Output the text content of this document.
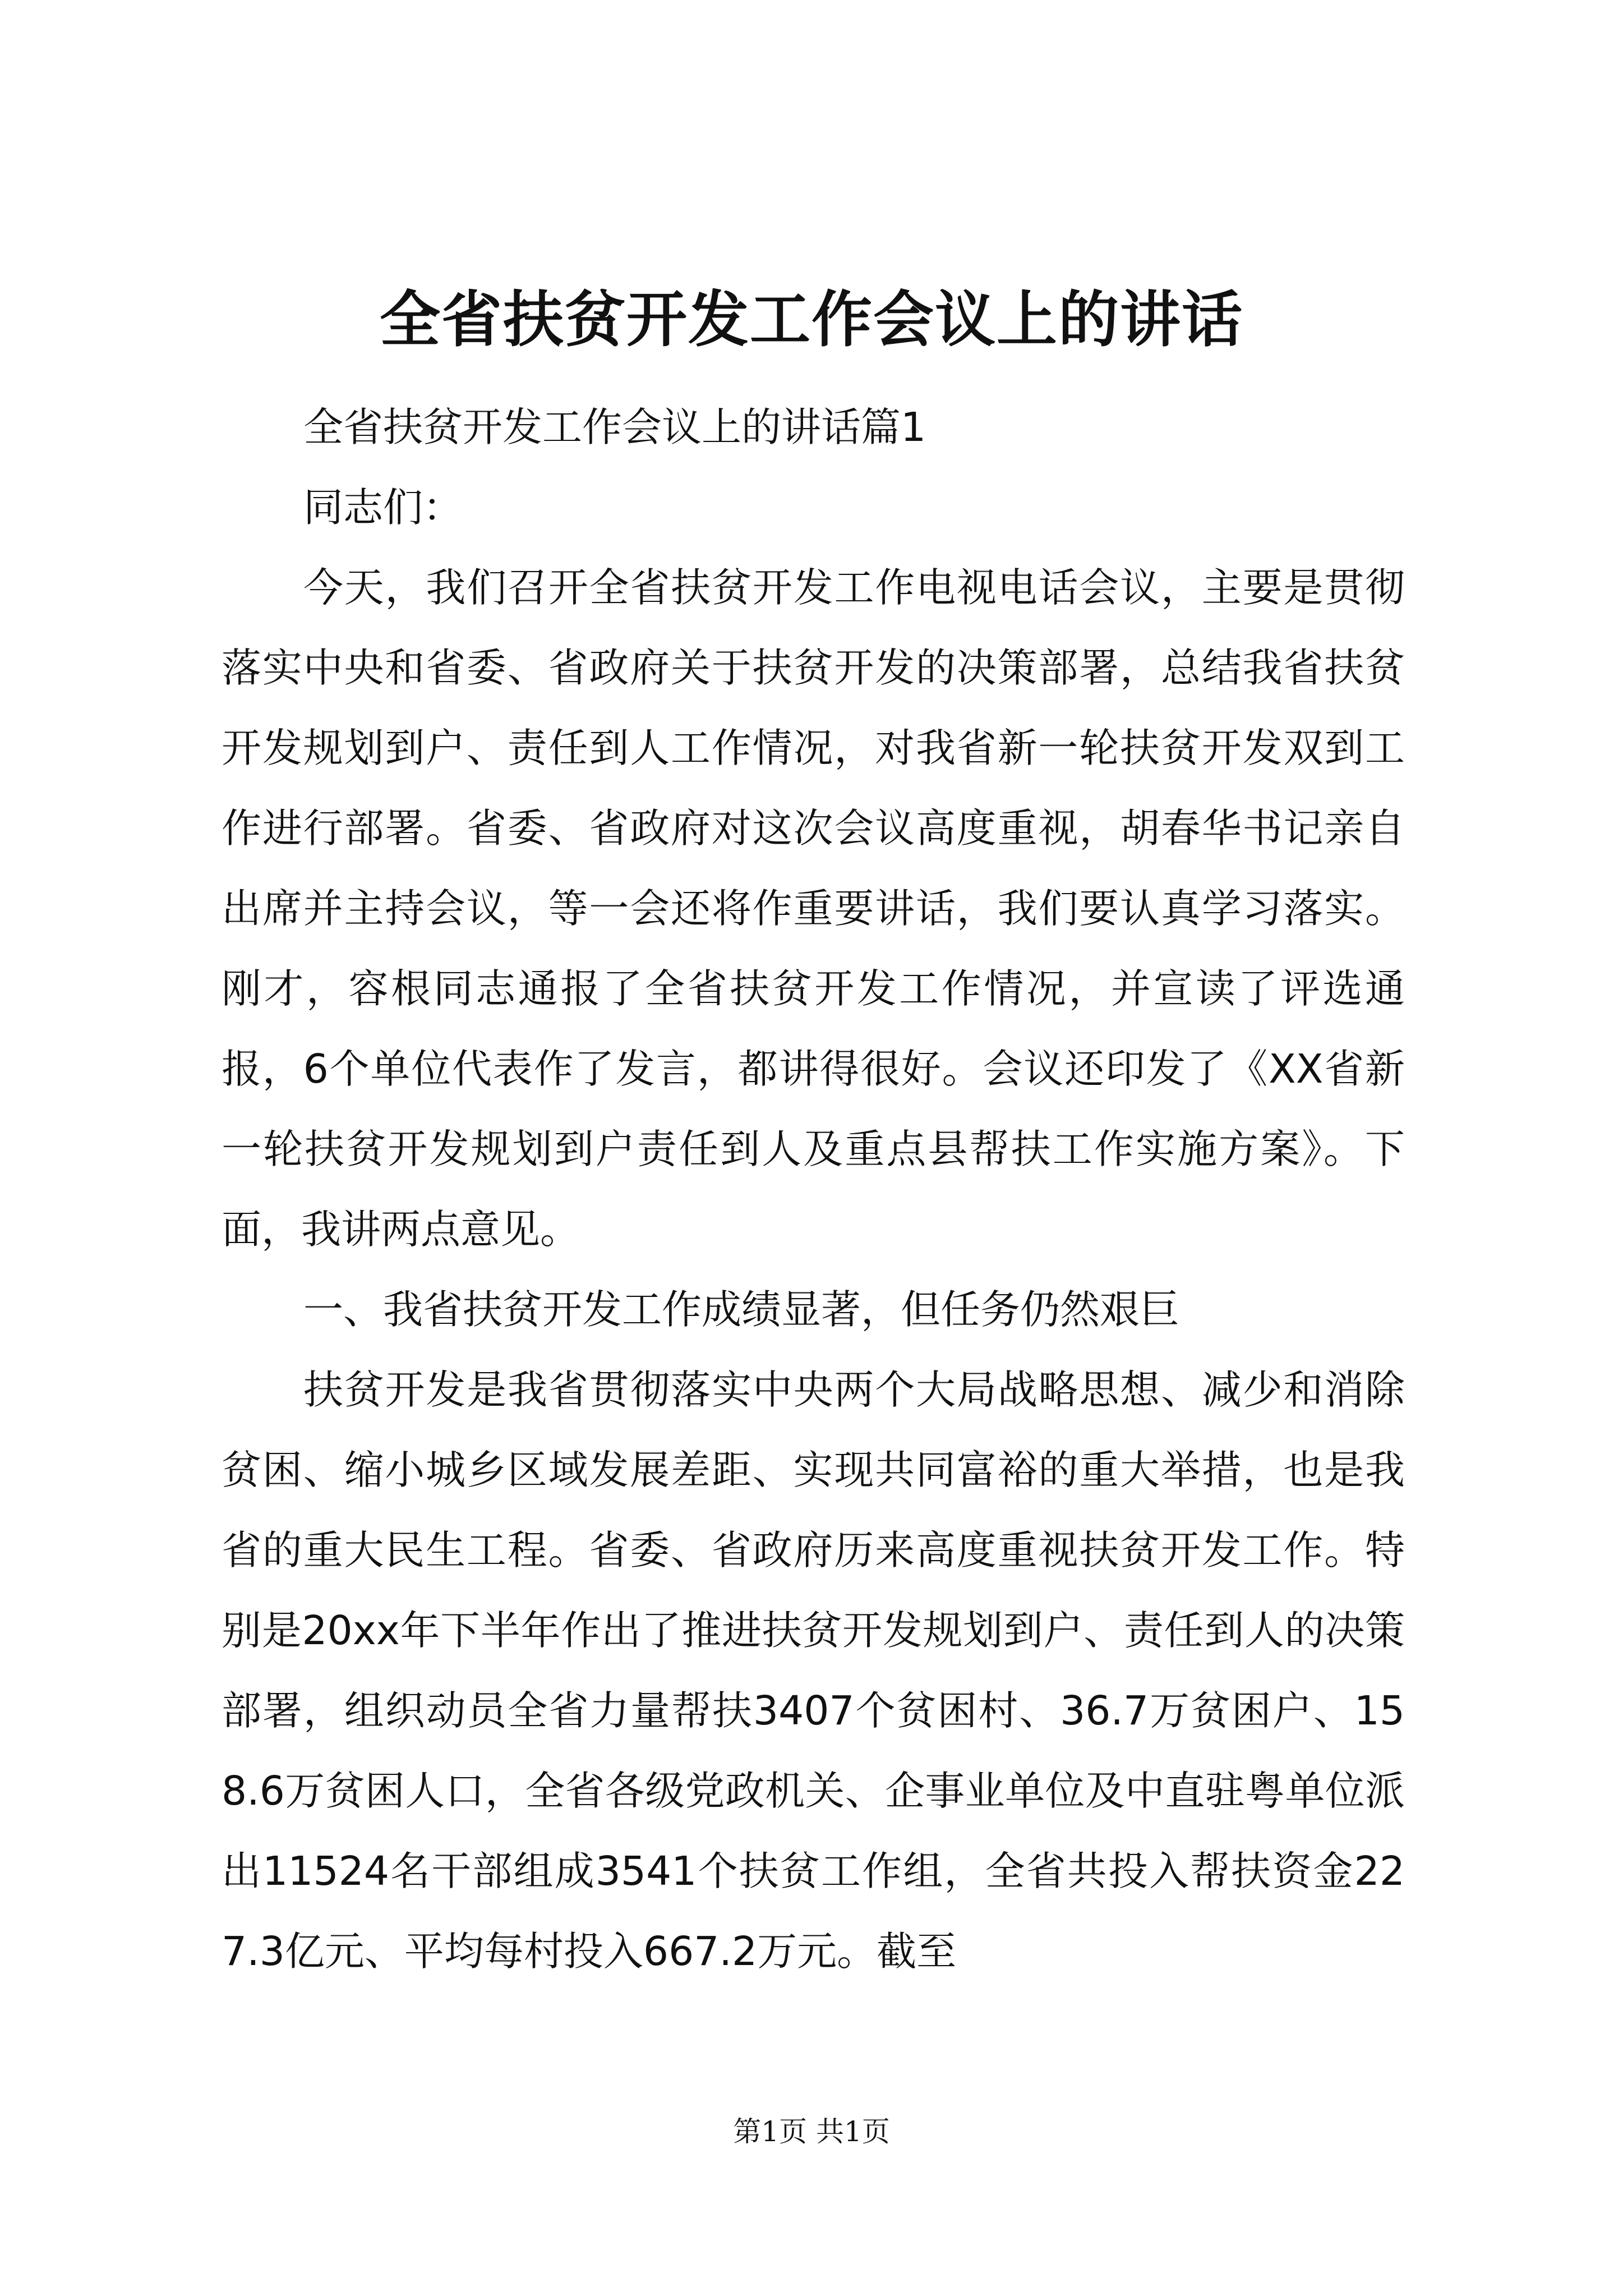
全省扶贫开发工作会议上的讲话

全省扶贫开发工作会议上的讲话篇1

同志们：

今天，我们召开全省扶贫开发工作电视电话会议，主要是贯彻落实中央和省委、省政府关于扶贫开发的决策部署，总结我省扶贫开发规划到户、责任到人工作情况，对我省新一轮扶贫开发双到工作进行部署。省委、省政府对这次会议高度重视，胡春华书记亲自出席并主持会议，等一会还将作重要讲话，我们要认真学习落实。刚才，容根同志通报了全省扶贫开发工作情况，并宣读了评选通报，6个单位代表作了发言，都讲得很好。会议还印发了《XX省新一轮扶贫开发规划到户责任到人及重点县帮扶工作实施方案》。下面，我讲两点意见。

一、我省扶贫开发工作成绩显著，但任务仍然艰巨

扶贫开发是我省贯彻落实中央两个大局战略思想、减少和消除贫困、缩小城乡区域发展差距、实现共同富裕的重大举措，也是我省的重大民生工程。省委、省政府历来高度重视扶贫开发工作。特别是20xx年下半年作出了推进扶贫开发规划到户、责任到人的决策部署，组织动员全省力量帮扶3407个贫困村、36.7万贫困户、158.6万贫困人口，全省各级党政机关、企事业单位及中直驻粤单位派出11524名干部组成3541个扶贫工作组，全省共投入帮扶资金227.3亿元、平均每村投入667.2万元。截至

第1页 共1页
